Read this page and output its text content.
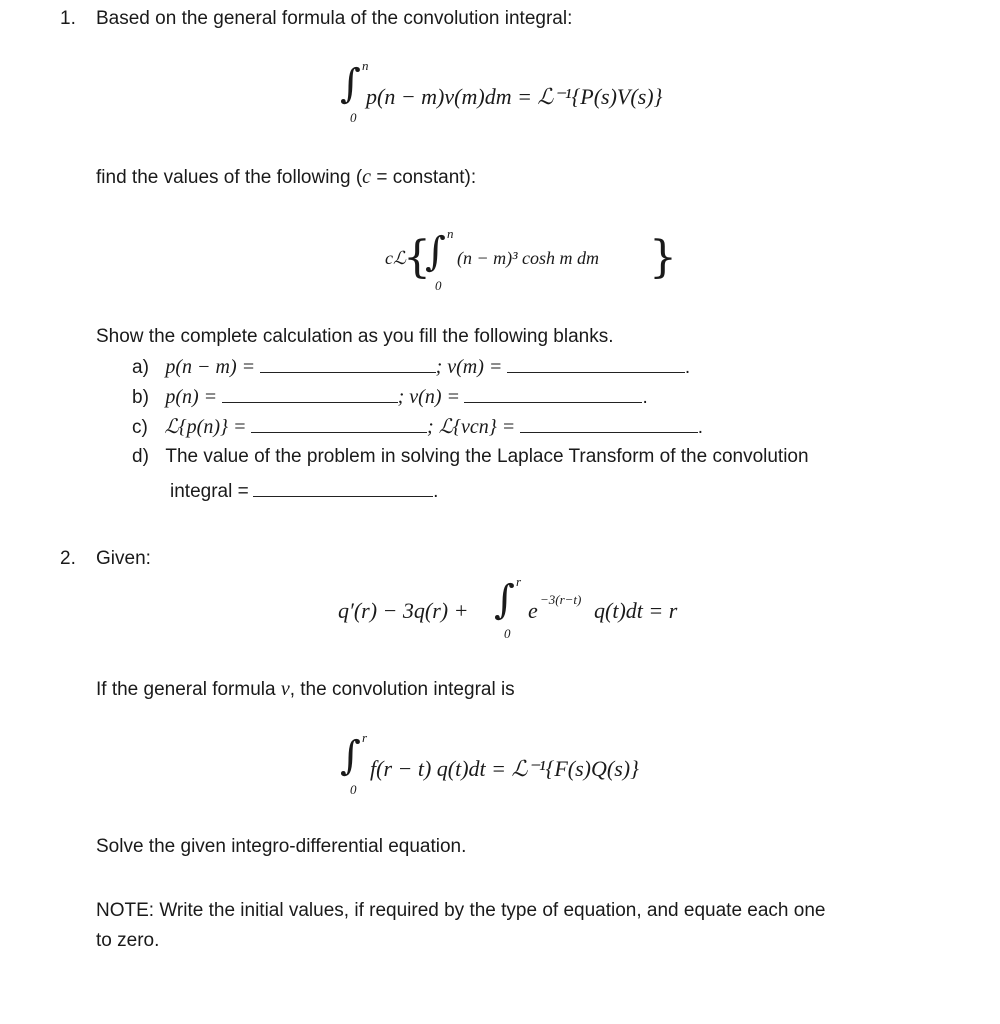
1. Based on the general formula of the convolution integral:
∫ n
0
p(n − m)v(m)dm = ℒ⁻¹{P(s)V(s)}
find the values of the following (c = constant):
cℒ
{
∫ n
0
(n − m)³ cosh m dm }
Show the complete calculation as you fill the following blanks.
a) p(n − m) =	; v(m) =	.
b) p(n) =	; v(n) =	.
c) ℒ{p(n)} =	; ℒ{vcn} =	.
d) The value of the problem in solving the Laplace Transform of the convolution
integral =	.
2. Given:
q′(r) − 3q(r) + ∫ r
0
e −3(r−t) q(t)dt = r
If the general formula v, the convolution integral is
∫ r
0
f(r − t) q(t)dt = ℒ⁻¹{F(s)Q(s)}
Solve the given integro-differential equation.
NOTE: Write the initial values, if required by the type of equation, and equate each one
to zero.
